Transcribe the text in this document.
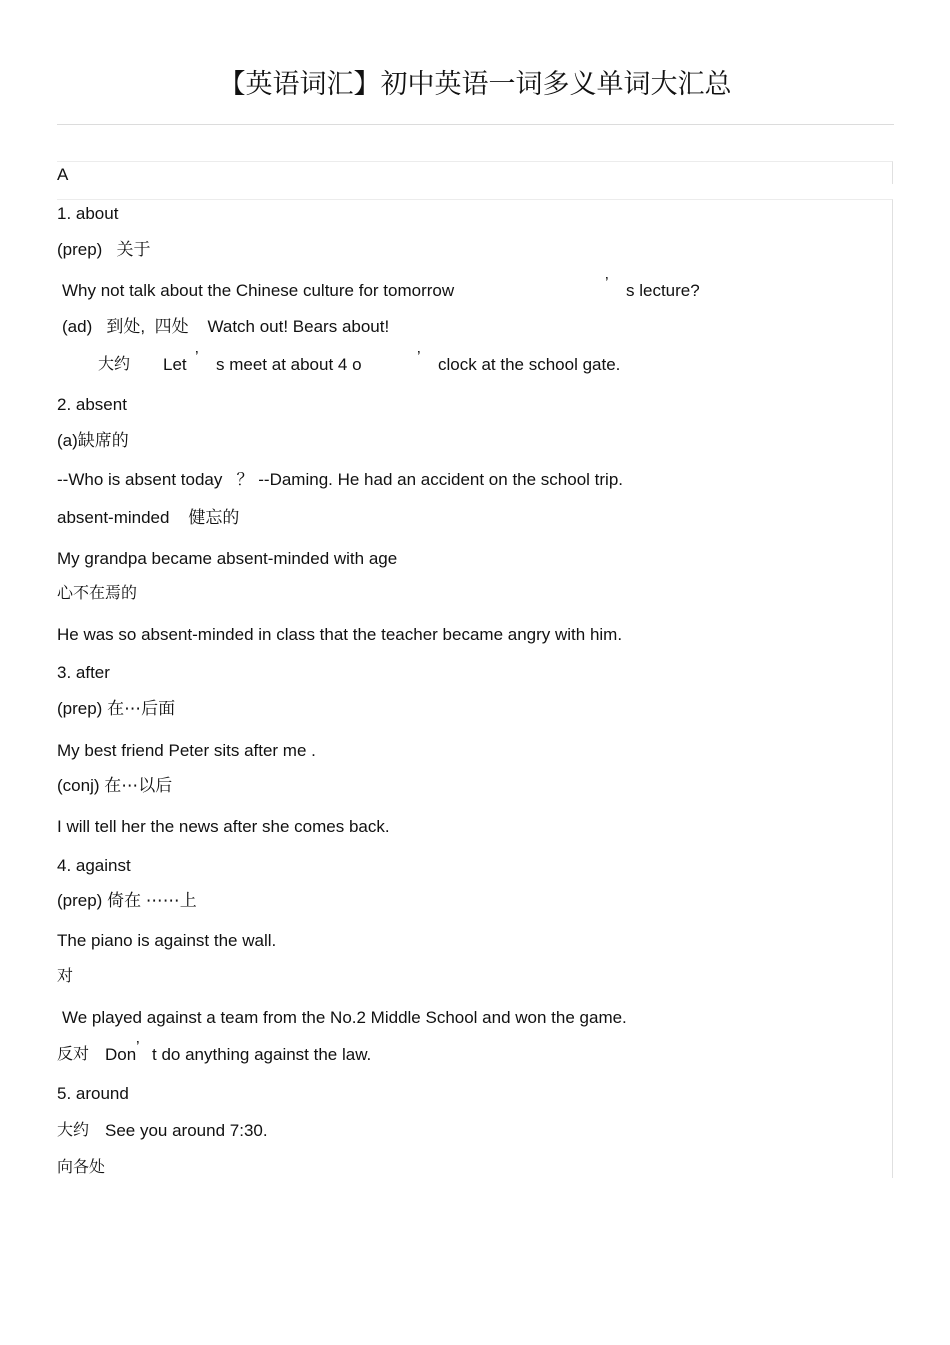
【英语词汇】初中英语一词多义单词大汇总
A
1. about
(prep)   关于
Why not talk about the Chinese culture for tomorrow	’ s lecture?
(ad)   到处,  四处    Watch out! Bears about!
大约 Let ’ s meet at about 4 o	’ clock at the school gate.
2. absent
(a)缺席的
--Who is absent today   ？ --Daming. He had an accident on the school trip.
absent-minded    健忘的
My grandpa became absent-minded with age
心不在焉的
He was so absent-minded in class that the teacher became angry with him.
3. after
(prep) 在⋯后面
My best friend Peter sits after me .
(conj) 在⋯以后
I will tell her the news after she comes back.
4. against
(prep) 倚在 ⋯⋯上
The piano is against the wall.
对
We played against a team from the No.2 Middle School and won the game.
反对 Don ’ t do anything against the law.
5. around
大约 See you around 7:30.
向各处
